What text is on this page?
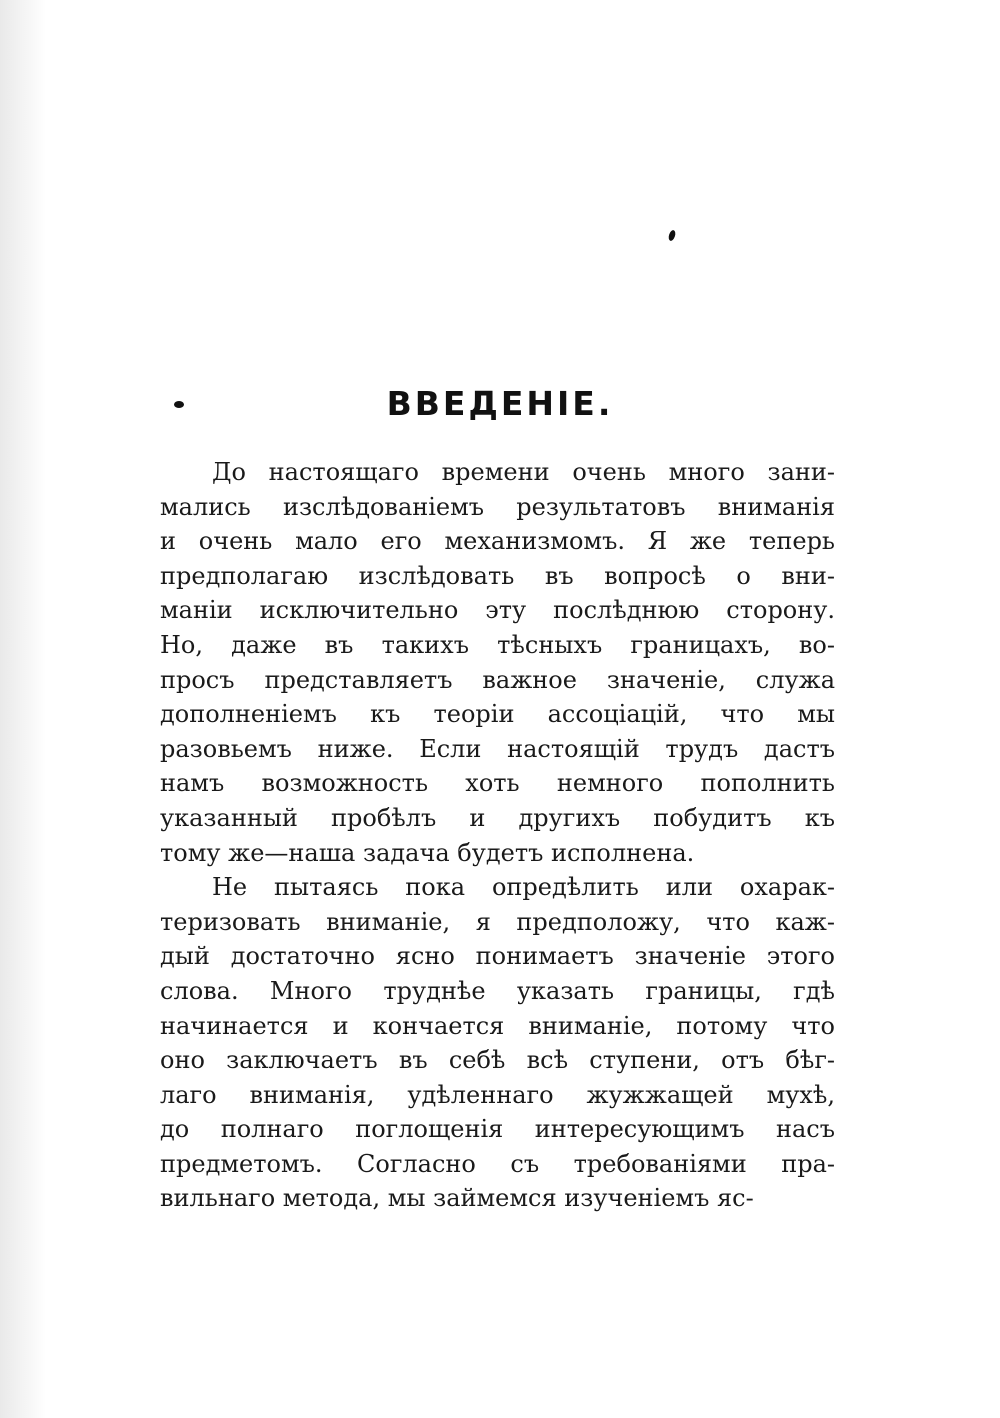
ВВЕДЕНІЕ.
До настоящаго времени очень много зани-
мались изслѣдованіемъ результатовъ вниманія
и очень мало его механизмомъ. Я же теперь
предполагаю изслѣдовать въ вопросѣ о вни-
маніи исключительно эту послѣднюю сторону.
Но, даже въ такихъ тѣсныхъ границахъ, во-
просъ представляетъ важное значеніе, служа
дополненіемъ къ теоріи ассоціацій, что мы
разовьемъ ниже. Если настоящій трудъ дастъ
намъ возможность хоть немного пополнить
указанный пробѣлъ и другихъ побудитъ къ
тому же—наша задача будетъ исполнена.
Не пытаясь пока опредѣлить или охарак-
теризовать вниманіе, я предположу, что каж-
дый достаточно ясно понимаетъ значеніе этого
слова. Много труднѣе указать границы, гдѣ
начинается и кончается вниманіе, потому что
оно заключаетъ въ себѣ всѣ ступени, отъ бѣг-
лаго вниманія, удѣленнаго жужжащей мухѣ,
до полнаго поглощенія интересующимъ насъ
предметомъ. Согласно съ требованіями пра-
вильнаго метода, мы займемся изученіемъ яс-
